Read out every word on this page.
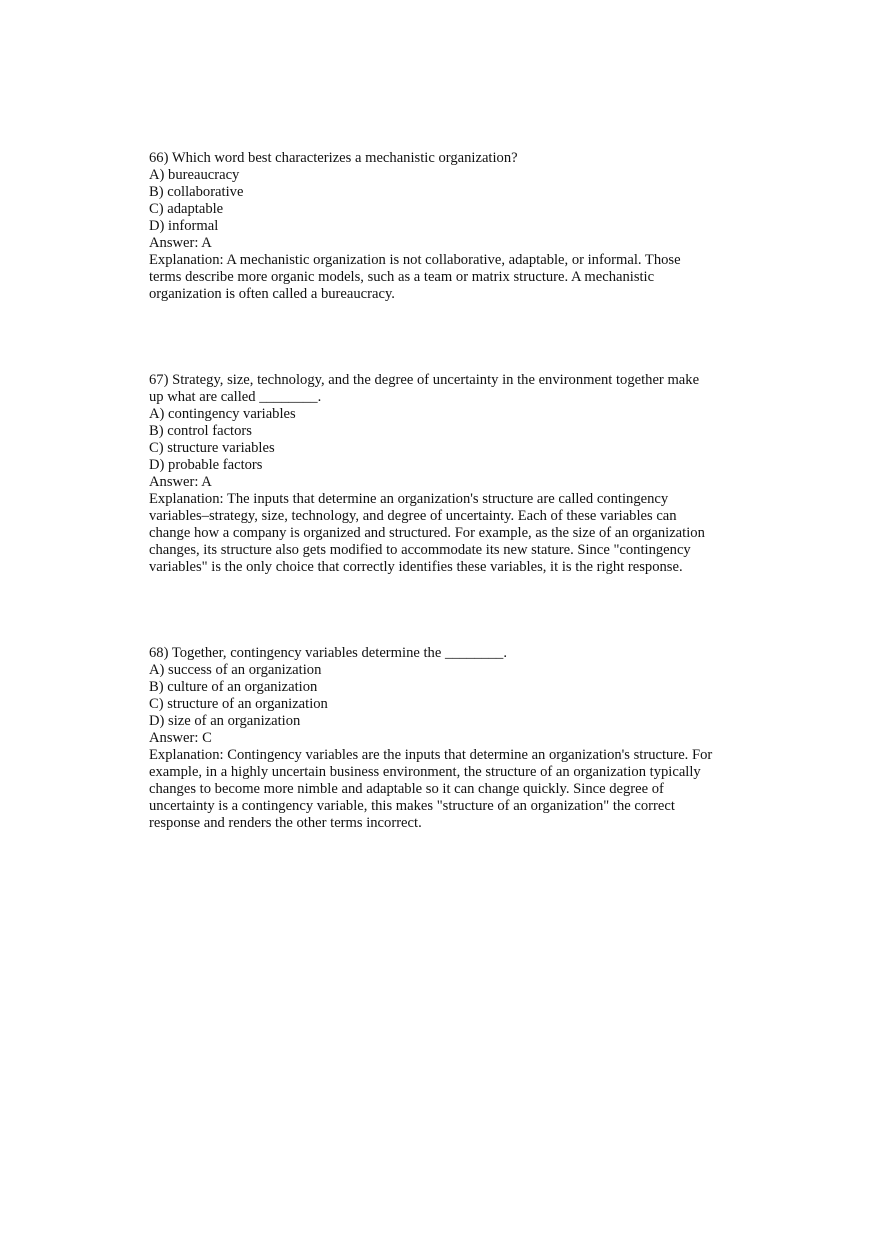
66) Which word best characterizes a mechanistic organization?
A) bureaucracy
B) collaborative
C) adaptable
D) informal
Answer: A
Explanation: A mechanistic organization is not collaborative, adaptable, or informal. Those
terms describe more organic models, such as a team or matrix structure. A mechanistic
organization is often called a bureaucracy.
67) Strategy, size, technology, and the degree of uncertainty in the environment together make
up what are called ________.
A) contingency variables
B) control factors
C) structure variables
D) probable factors
Answer: A
Explanation: The inputs that determine an organization's structure are called contingency
variables–strategy, size, technology, and degree of uncertainty. Each of these variables can
change how a company is organized and structured. For example, as the size of an organization
changes, its structure also gets modified to accommodate its new stature. Since "contingency
variables" is the only choice that correctly identifies these variables, it is the right response.
68) Together, contingency variables determine the ________.
A) success of an organization
B) culture of an organization
C) structure of an organization
D) size of an organization
Answer: C
Explanation: Contingency variables are the inputs that determine an organization's structure. For
example, in a highly uncertain business environment, the structure of an organization typically
changes to become more nimble and adaptable so it can change quickly. Since degree of
uncertainty is a contingency variable, this makes "structure of an organization" the correct
response and renders the other terms incorrect.
